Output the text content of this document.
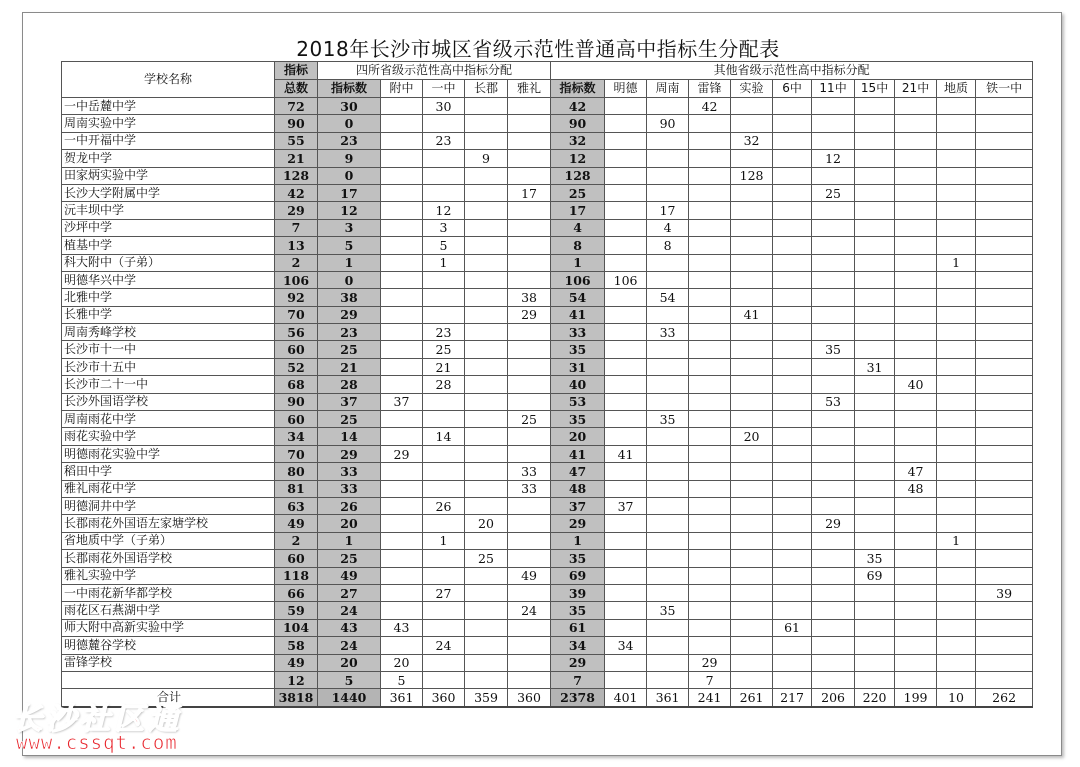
2018年长沙市城区省级示范性普通高中指标生分配表
学校名称	指标	四所省级示范性高中指标分配					其他省级示范性高中指标分配										
	总数	指标数	附中	一中	长郡	雅礼	指标数	明德	周南	雷锋	实验	6中	11中	15中	21中	地质	铁一中
一中岳麓中学	72	30		30			42			42							
周南实验中学	90	0					90		90								
一中开福中学	55	23		23			32				32						
贺龙中学	21	9			9		12						12				
田家炳实验中学	128	0					128				128						
长沙大学附属中学	42	17				17	25						25				
沅丰坝中学	29	12		12			17		17								
沙坪中学	7	3		3			4		4								
植基中学	13	5		5			8		8								
科大附中（子弟）	2	1		1			1									1	
明德华兴中学	106	0					106	106									
北雅中学	92	38				38	54		54								
长雅中学	70	29				29	41				41						
周南秀峰学校	56	23		23			33		33								
长沙市十一中	60	25		25			35						35				
长沙市十五中	52	21		21			31							31			
长沙市二十一中	68	28		28			40								40		
长沙外国语学校	90	37	37				53						53				
周南雨花中学	60	25				25	35		35								
雨花实验中学	34	14		14			20				20						
明德雨花实验中学	70	29	29				41	41									
稻田中学	80	33				33	47								47		
雅礼雨花中学	81	33				33	48								48		
明德洞井中学	63	26		26			37	37									
长郡雨花外国语左家塘学校	49	20			20		29						29				
省地质中学（子弟）	2	1		1			1									1	
长郡雨花外国语学校	60	25			25		35							35			
雅礼实验中学	118	49				49	69							69			
一中雨花新华都学校	66	27		27			39										39
雨花区石燕湖中学	59	24				24	35		35								
师大附中高新实验中学	104	43	43				61					61					
明德麓谷学校	58	24		24			34	34									
雷锋学校	49	20	20				29			29							
	12	5	5				7			7							
合计	3818	1440	361	360	359	360	2378	401	361	241	261	217	206	220	199	10	262
长沙社区通
www.cssqt.com
